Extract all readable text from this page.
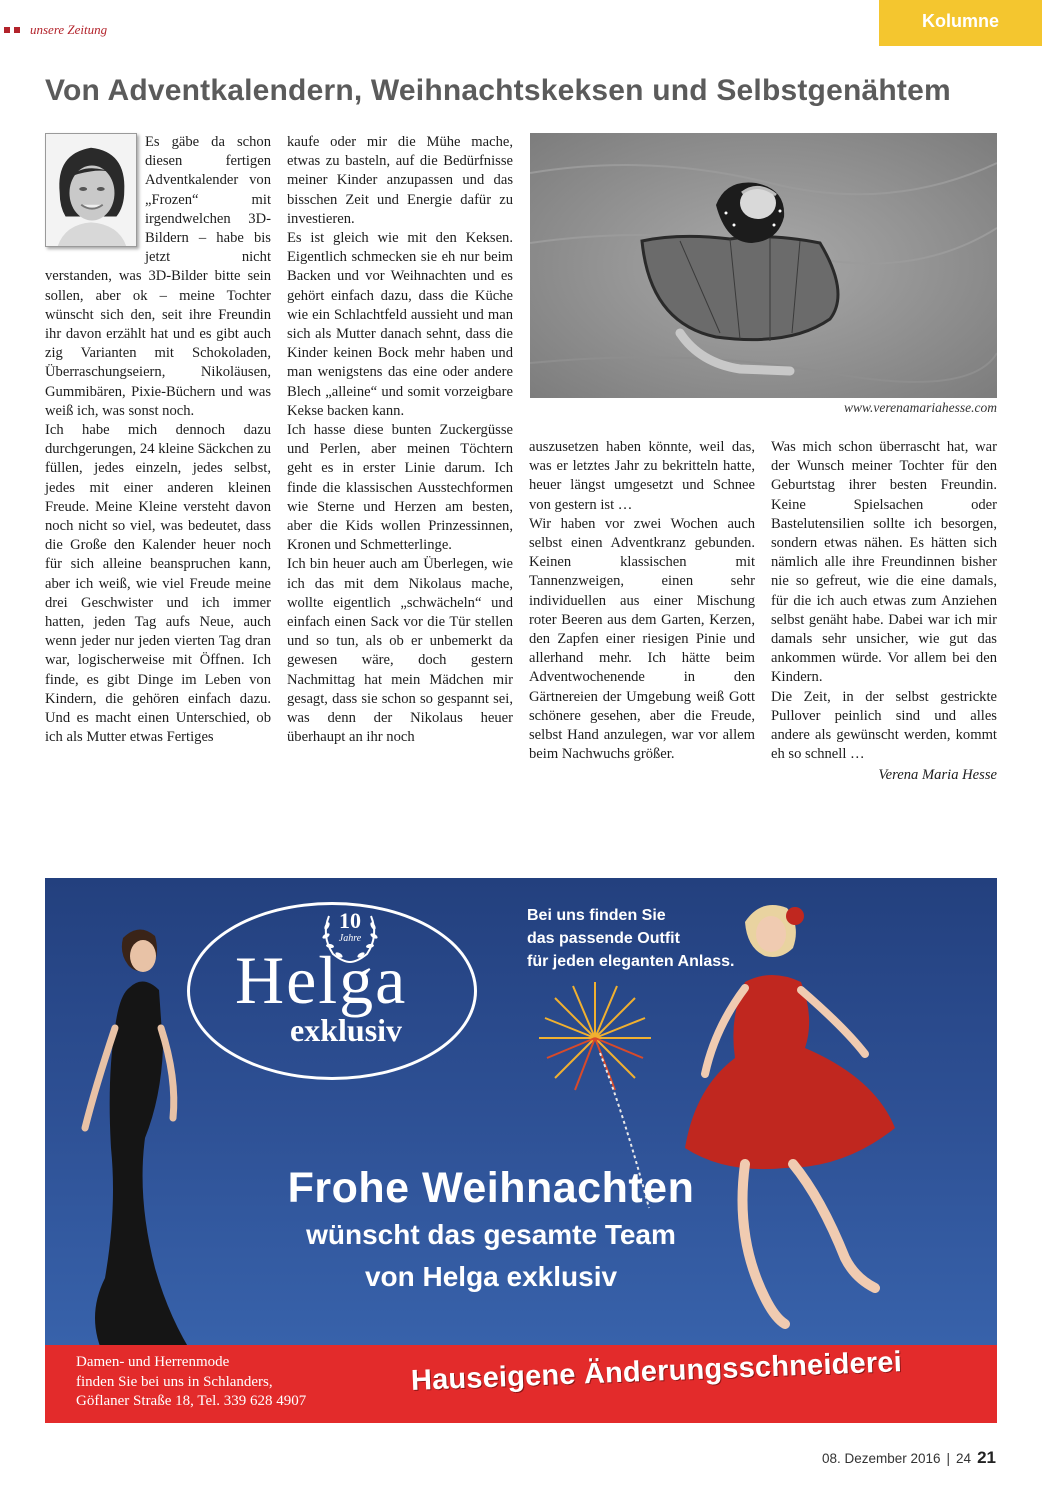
unsere Zeitung	Kolumne
Von Adventkalendern, Weihnachtskeksen und Selbstgenähtem

Es gäbe da schon diesen fertigen Adventkalender von „Frozen“ mit irgendwelchen 3D-Bildern – habe bis jetzt nicht verstanden, was 3D-Bilder bitte sein sollen, aber ok – meine Tochter wünscht sich den, seit ihre Freundin ihr davon erzählt hat und es gibt auch zig Varianten mit Schokoladen, Überraschungseiern, Nikoläusen, Gummibären, Pixie-Büchern und was weiß ich, was sonst noch.

Ich habe mich dennoch dazu durchgerungen, 24 kleine Säckchen zu füllen, jedes einzeln, jedes selbst, jedes mit einer anderen kleinen Freude. Meine Kleine versteht davon noch nicht so viel, was bedeutet, dass die Große den Kalender heuer noch für sich alleine beanspruchen kann, aber ich weiß, wie viel Freude meine drei Geschwister und ich immer hatten, jeden Tag aufs Neue, auch wenn jeder nur jeden vierten Tag dran war, logischerweise mit Öffnen. Ich finde, es gibt Dinge im Leben von Kindern, die gehören einfach dazu. Und es macht einen Unterschied, ob ich als Mutter etwas Fertiges

kaufe oder mir die Mühe mache, etwas zu basteln, auf die Bedürfnisse meiner Kinder anzupassen und das bisschen Zeit und Energie dafür zu investieren.

Es ist gleich wie mit den Keksen. Eigentlich schmecken sie eh nur beim Backen und vor Weihnachten und es gehört einfach dazu, dass die Küche wie ein Schlachtfeld aussieht und man sich als Mutter danach sehnt, dass die Kinder keinen Bock mehr haben und man wenigstens das eine oder andere Blech „alleine“ und somit vorzeigbare Kekse backen kann.

Ich hasse diese bunten Zuckergüsse und Perlen, aber meinen Töchtern geht es in erster Linie darum. Ich finde die klassischen Ausstechformen wie Sterne und Herzen am besten, aber die Kids wollen Prinzessinnen, Kronen und Schmetterlinge.

Ich bin heuer auch am Überlegen, wie ich das mit dem Nikolaus mache, wollte eigentlich „schwächeln“ und einfach einen Sack vor die Tür stellen und so tun, als ob er unbemerkt da gewesen wäre, doch gestern Nachmittag hat mein Mädchen mir gesagt, dass sie schon so gespannt sei, was denn der Nikolaus heuer überhaupt an ihr noch

www.verenamariahesse.com

auszusetzen haben könnte, weil das, was er letztes Jahr zu bekritteln hatte, heuer längst umgesetzt und Schnee von gestern ist …

Wir haben vor zwei Wochen auch selbst einen Adventkranz gebunden. Keinen klassischen mit Tannenzweigen, einen sehr individuellen aus einer Mischung roter Beeren aus dem Garten, Kerzen, den Zapfen einer riesigen Pinie und allerhand mehr. Ich hätte beim Adventwochenende in den Gärtnereien der Umgebung weiß Gott schönere gesehen, aber die Freude, selbst Hand anzulegen, war vor allem beim Nachwuchs größer.

Was mich schon überrascht hat, war der Wunsch meiner Tochter für den Geburtstag ihrer besten Freundin. Keine Spielsachen oder Bastelutensilien sollte ich besorgen, sondern etwas nähen. Es hätten sich nämlich alle ihre Freundinnen bisher nie so gefreut, wie die eine damals, für die ich auch etwas zum Anziehen selbst genäht habe. Dabei war ich mir damals sehr unsicher, wie gut das ankommen würde. Vor allem bei den Kindern.

Die Zeit, in der selbst gestrickte Pullover peinlich sind und alles andere als gewünscht werden, kommt eh so schnell …

Verena Maria Hesse
10
Jahre
Helga
exklusiv
Bei uns finden Sie
das passende Outfit
für jeden eleganten Anlass.
Frohe Weihnachten
wünscht das gesamte Team
von Helga exklusiv
Damen- und Herrenmode
finden Sie bei uns in Schlanders,
Göflaner Straße 18, Tel. 339 628 4907
Hauseigene Änderungsschneiderei
08. Dezember 2016 | 24 21
